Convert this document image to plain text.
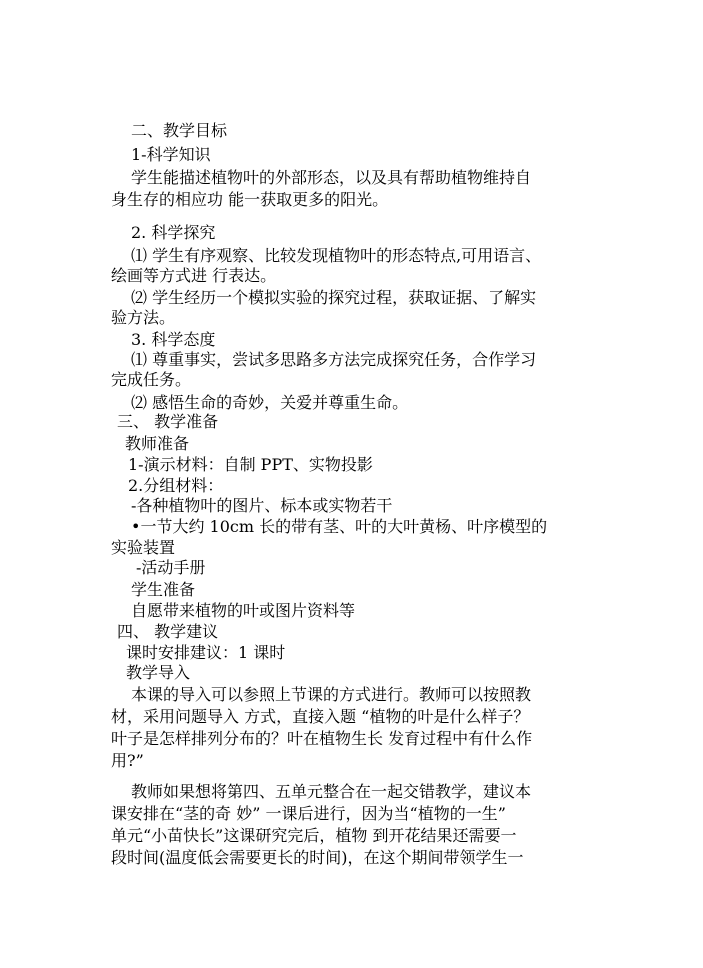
二、教学目标
1-科学知识
学生能描述植物叶的外部形态，以及具有帮助植物维持自
身生存的相应功 能一获取更多的阳光。
2. 科学探究
⑴ 学生有序观察、比较发现植物叶的形态特点,可用语言、
绘画等方式进 行表达。
⑵ 学生经历一个模拟实验的探究过程，获取证据、了解实
验方法。
3. 科学态度
⑴ 尊重事实，尝试多思路多方法完成探究任务，合作学习
完成任务。
⑵ 感悟生命的奇妙，关爱并尊重生命。
三、 教学准备
教师准备
1-演示材料：自制 PPT、实物投影
2.分组材料：
-各种植物叶的图片、标本或实物若干
•一节大约 10cm 长的带有茎、叶的大叶黄杨、叶序模型的
实验装置
-活动手册
学生准备
自愿带来植物的叶或图片资料等
四、 教学建议
课时安排建议：1 课时
教学导入
本课的导入可以参照上节课的方式进行。教师可以按照教
材，采用问题导入 方式，直接入题 “植物的叶是什么样子？
叶子是怎样排列分布的？叶在植物生长 发育过程中有什么作
用?”
教师如果想将第四、五单元整合在一起交错教学，建议本
课安排在“茎的奇 妙” 一课后进行，因为当“植物的一生”
单元“小苗快长”这课研究完后，植物 到开花结果还需要一
段时间(温度低会需要更长的时间)，在这个期间带领学生一
